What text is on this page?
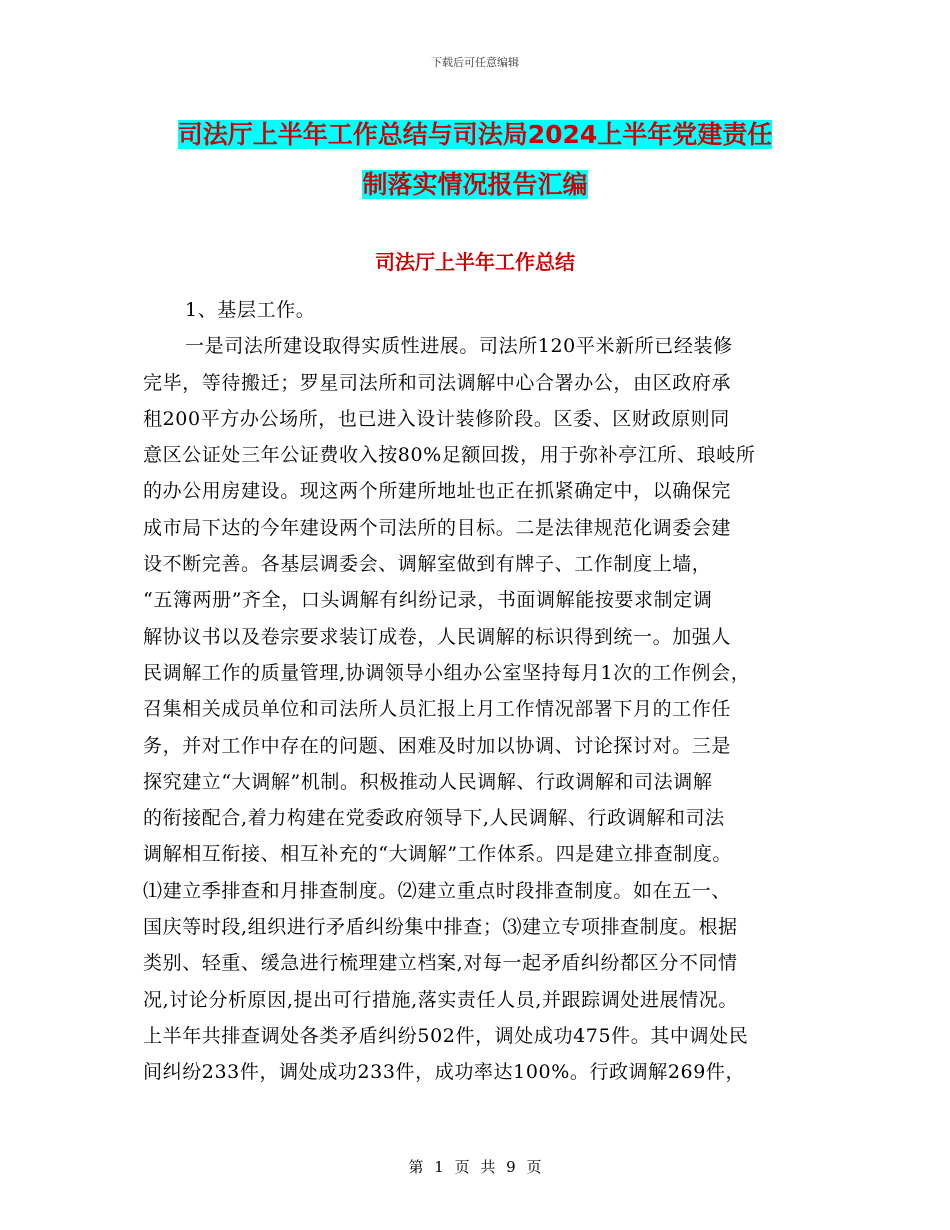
下载后可任意编辑
司法厅上半年工作总结与司法局2024上半年党建责任
制落实情况报告汇编
司法厅上半年工作总结
1、基层工作。
一是司法所建设取得实质性进展。司法所120平米新所已经装修
完毕，等待搬迁；罗星司法所和司法调解中心合署办公，由区政府承
租200平方办公场所，也已进入设计装修阶段。区委、区财政原则同
意区公证处三年公证费收入按80%足额回拨，用于弥补亭江所、琅岐所
的办公用房建设。现这两个所建所地址也正在抓紧确定中，以确保完
成市局下达的今年建设两个司法所的目标。二是法律规范化调委会建
设不断完善。各基层调委会、调解室做到有牌子、工作制度上墙，
“五簿两册”齐全，口头调解有纠纷记录，书面调解能按要求制定调
解协议书以及卷宗要求装订成卷，人民调解的标识得到统一。加强人
民调解工作的质量管理,协调领导小组办公室坚持每月1次的工作例会，
召集相关成员单位和司法所人员汇报上月工作情况部署下月的工作任
务，并对工作中存在的问题、困难及时加以协调、讨论探讨对。三是
探究建立“大调解”机制。积极推动人民调解、行政调解和司法调解
的衔接配合,着力构建在党委政府领导下,人民调解、行政调解和司法
调解相互衔接、相互补充的“大调解”工作体系。四是建立排查制度。
⑴建立季排查和月排查制度。⑵建立重点时段排查制度。如在五一、
国庆等时段,组织进行矛盾纠纷集中排查；⑶建立专项排查制度。根据
类别、轻重、缓急进行梳理建立档案,对每一起矛盾纠纷都区分不同情
况,讨论分析原因,提出可行措施,落实责任人员,并跟踪调处进展情况。
上半年共排查调处各类矛盾纠纷502件，调处成功475件。其中调处民
间纠纷233件，调处成功233件，成功率达100%。行政调解269件，
第 1 页 共 9 页
